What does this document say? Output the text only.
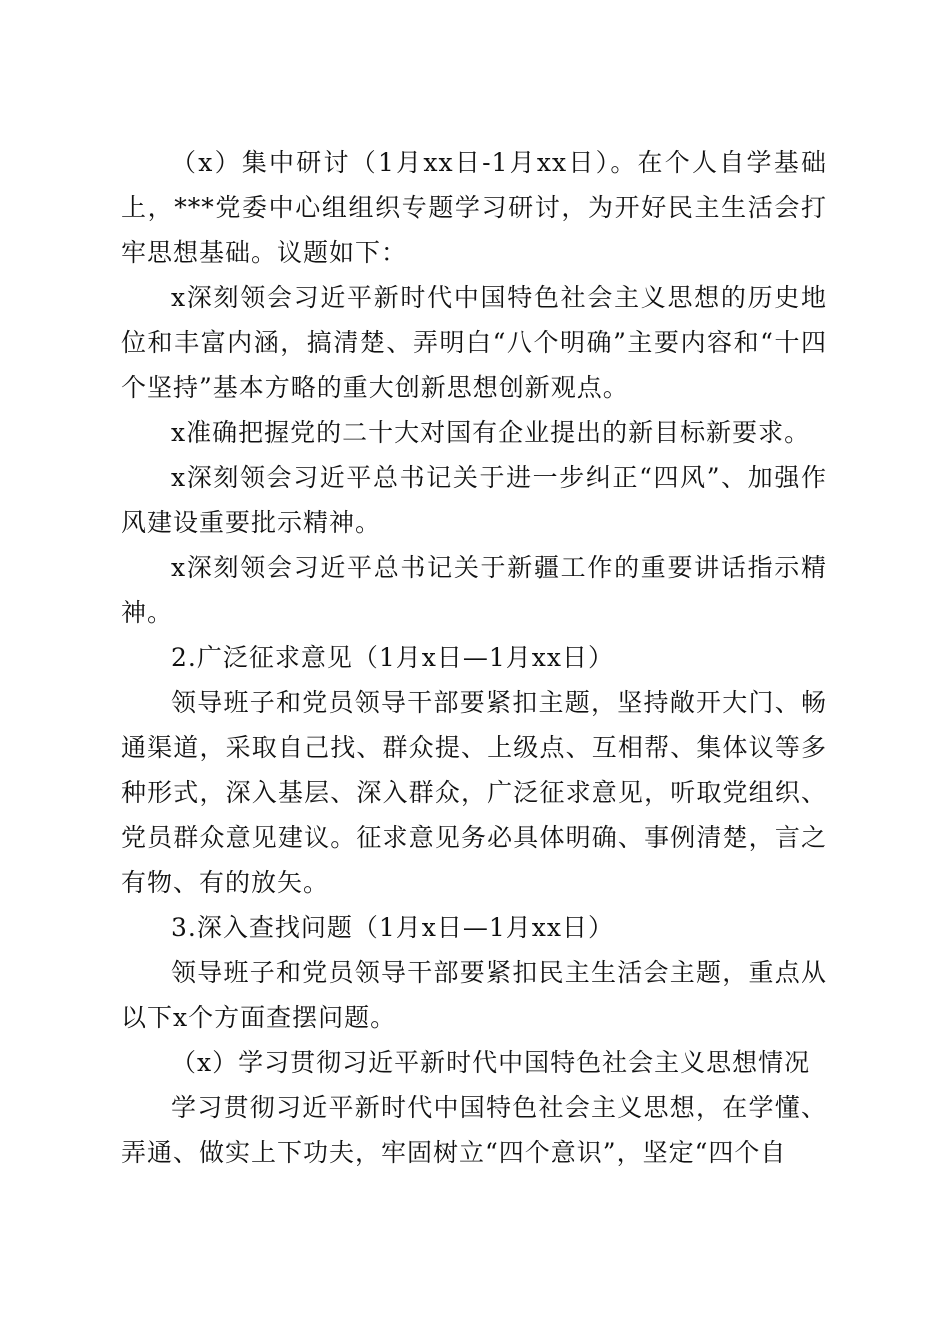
（x）集中研讨（1月xx日-1月xx日）。在个人自学基础上，***党委中心组组织专题学习研讨，为开好民主生活会打牢思想基础。议题如下：

x深刻领会习近平新时代中国特色社会主义思想的历史地位和丰富内涵，搞清楚、弄明白“八个明确”主要内容和“十四个坚持”基本方略的重大创新思想创新观点。

x准确把握党的二十大对国有企业提出的新目标新要求。

x深刻领会习近平总书记关于进一步纠正“四风”、加强作风建设重要批示精神。

x深刻领会习近平总书记关于新疆工作的重要讲话指示精神。

2.广泛征求意见（1月x日—1月xx日）

领导班子和党员领导干部要紧扣主题，坚持敞开大门、畅通渠道，采取自己找、群众提、上级点、互相帮、集体议等多种形式，深入基层、深入群众，广泛征求意见，听取党组织、党员群众意见建议。征求意见务必具体明确、事例清楚，言之有物、有的放矢。

3.深入查找问题（1月x日—1月xx日）

领导班子和党员领导干部要紧扣民主生活会主题，重点从以下x个方面查摆问题。

（x）学习贯彻习近平新时代中国特色社会主义思想情况

学习贯彻习近平新时代中国特色社会主义思想，在学懂、弄通、做实上下功夫，牢固树立“四个意识”，坚定“四个自
